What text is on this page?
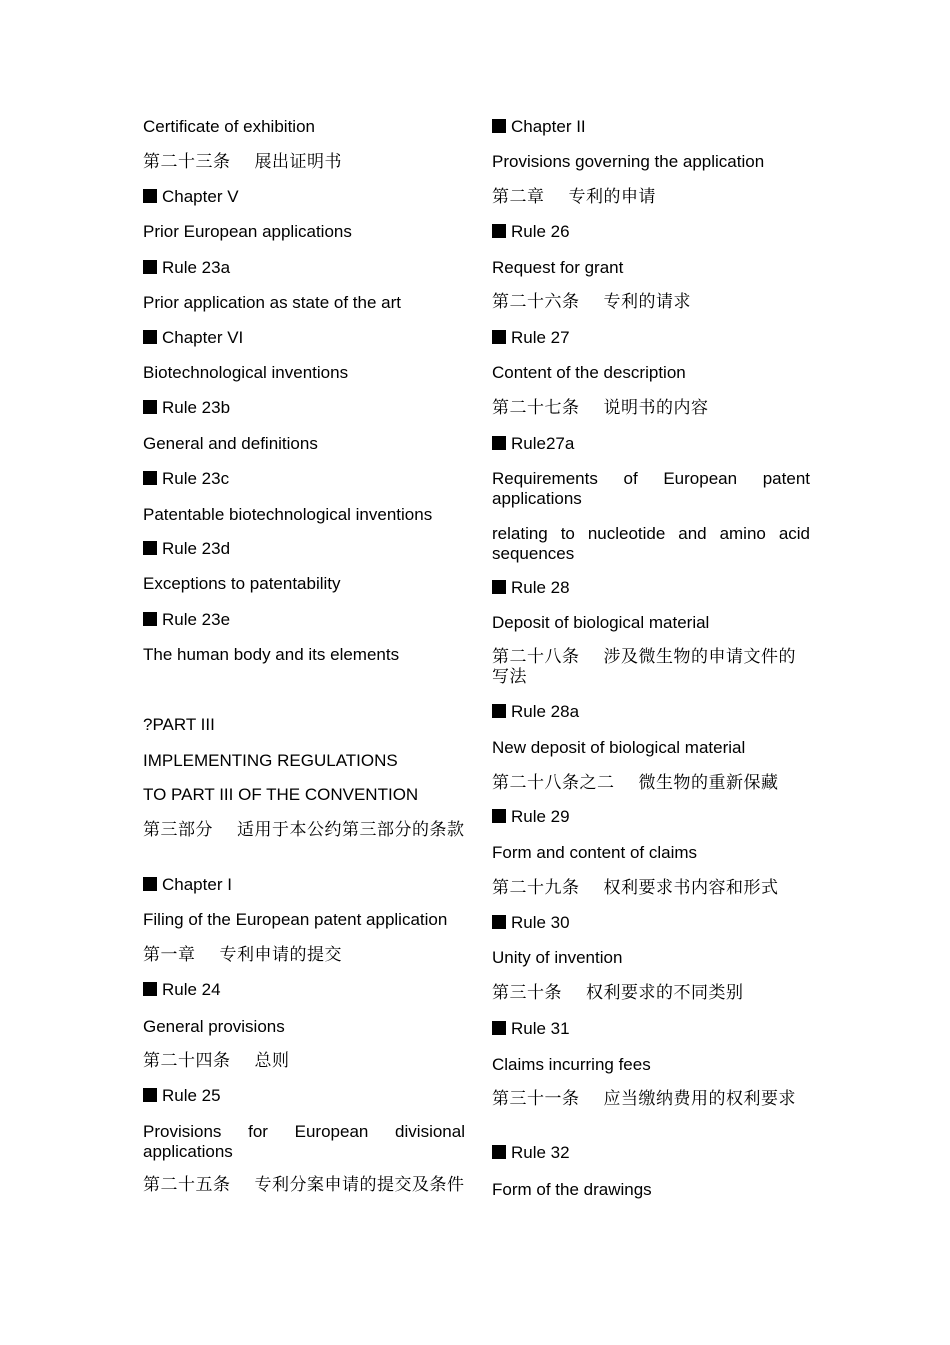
Certificate of exhibition
第二十三条 展出证明书
Chapter V
Prior European applications
Rule 23a
Prior application as state of the art
Chapter VI
Biotechnological inventions
Rule 23b
General and definitions
Rule 23c
Patentable biotechnological inventions
Rule 23d
Exceptions to patentability
Rule 23e
The human body and its elements
?PART III
IMPLEMENTING REGULATIONS
TO PART III OF THE CONVENTION
第三部分 适用于本公约第三部分的条款
Chapter I
Filing of the European patent application
第一章 专利申请的提交
Rule 24
General provisions
第二十四条 总则
Rule 25
Provisions for European divisional applications
第二十五条 专利分案申请的提交及条件
Chapter II
Provisions governing the application
第二章 专利的申请
Rule 26
Request for grant
第二十六条 专利的请求
Rule 27
Content of the description
第二十七条 说明书的内容
Rule27a
Requirements of European patent applications
relating to nucleotide and amino acid sequences
Rule 28
Deposit of biological material
第二十八条 涉及微生物的申请文件的写法
Rule 28a
New deposit of biological material
第二十八条之二 微生物的重新保藏
Rule 29
Form and content of claims
第二十九条 权利要求书内容和形式
Rule 30
Unity of invention
第三十条 权利要求的不同类别
Rule 31
Claims incurring fees
第三十一条 应当缴纳费用的权利要求
Rule 32
Form of the drawings
